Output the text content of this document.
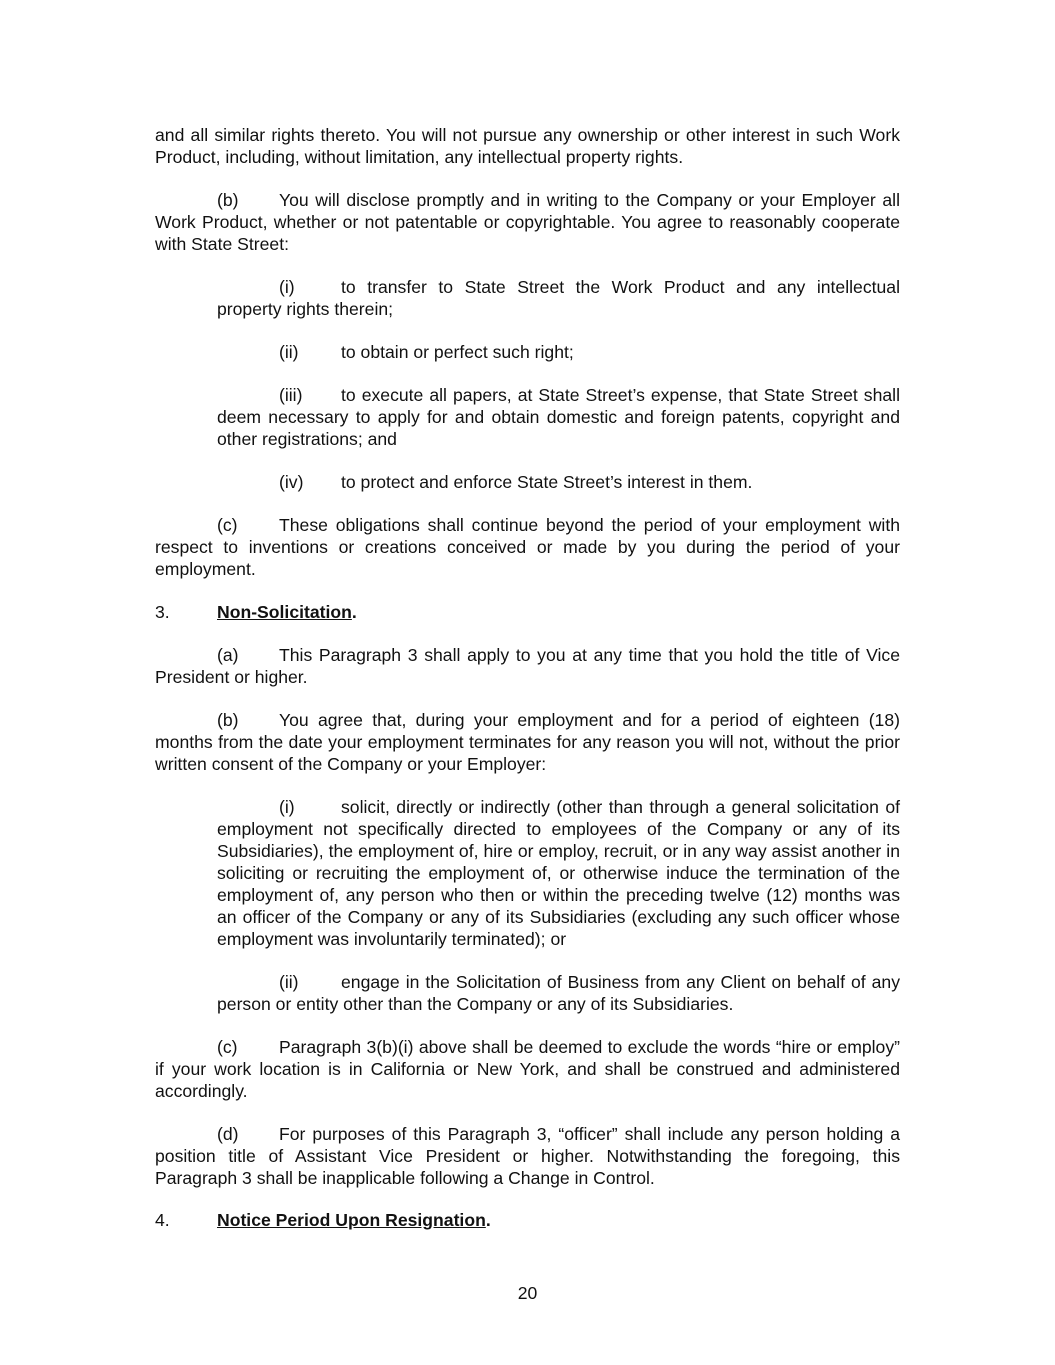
and all similar rights thereto. You will not pursue any ownership or other interest in such Work Product, including, without limitation, any intellectual property rights.

(b) You will disclose promptly and in writing to the Company or your Employer all Work Product, whether or not patentable or copyrightable. You agree to reasonably cooperate with State Street:

(i)	to transfer to State Street the Work Product and any intellectual property rights therein;

(ii) to obtain or perfect such right;

(iii) to execute all papers, at State Street’s expense, that State Street shall deem necessary to apply for and obtain domestic and foreign patents, copyright and other registrations; and

(iv) to protect and enforce State Street’s interest in them.

(c) These obligations shall continue beyond the period of your employment with respect to inventions or creations conceived or made by you during the period of your employment.

3.	Non-Solicitation.

(a) This Paragraph 3 shall apply to you at any time that you hold the title of Vice President or higher.

(b) You agree that, during your employment and for a period of eighteen (18) months from the date your employment terminates for any reason you will not, without the prior written consent of the Company or your Employer:

(i)	solicit, directly or indirectly (other than through a general solicitation of employment not specifically directed to employees of the Company or any of its Subsidiaries), the employment of, hire or employ, recruit, or in any way assist another in soliciting or recruiting the employment of, or otherwise induce the termination of the employment of, any person who then or within the preceding twelve (12) months was an officer of the Company or any of its Subsidiaries (excluding any such officer whose employment was involuntarily terminated); or

(ii) engage in the Solicitation of Business from any Client on behalf of any person or entity other than the Company or any of its Subsidiaries.

(c) Paragraph 3(b)(i) above shall be deemed to exclude the words “hire or employ” if your work location is in California or New York, and shall be construed and administered accordingly.

(d) For purposes of this Paragraph 3, “officer” shall include any person holding a position title of Assistant Vice President or higher. Notwithstanding the foregoing, this Paragraph 3 shall be inapplicable following a Change in Control.

4.	Notice Period Upon Resignation.

20
